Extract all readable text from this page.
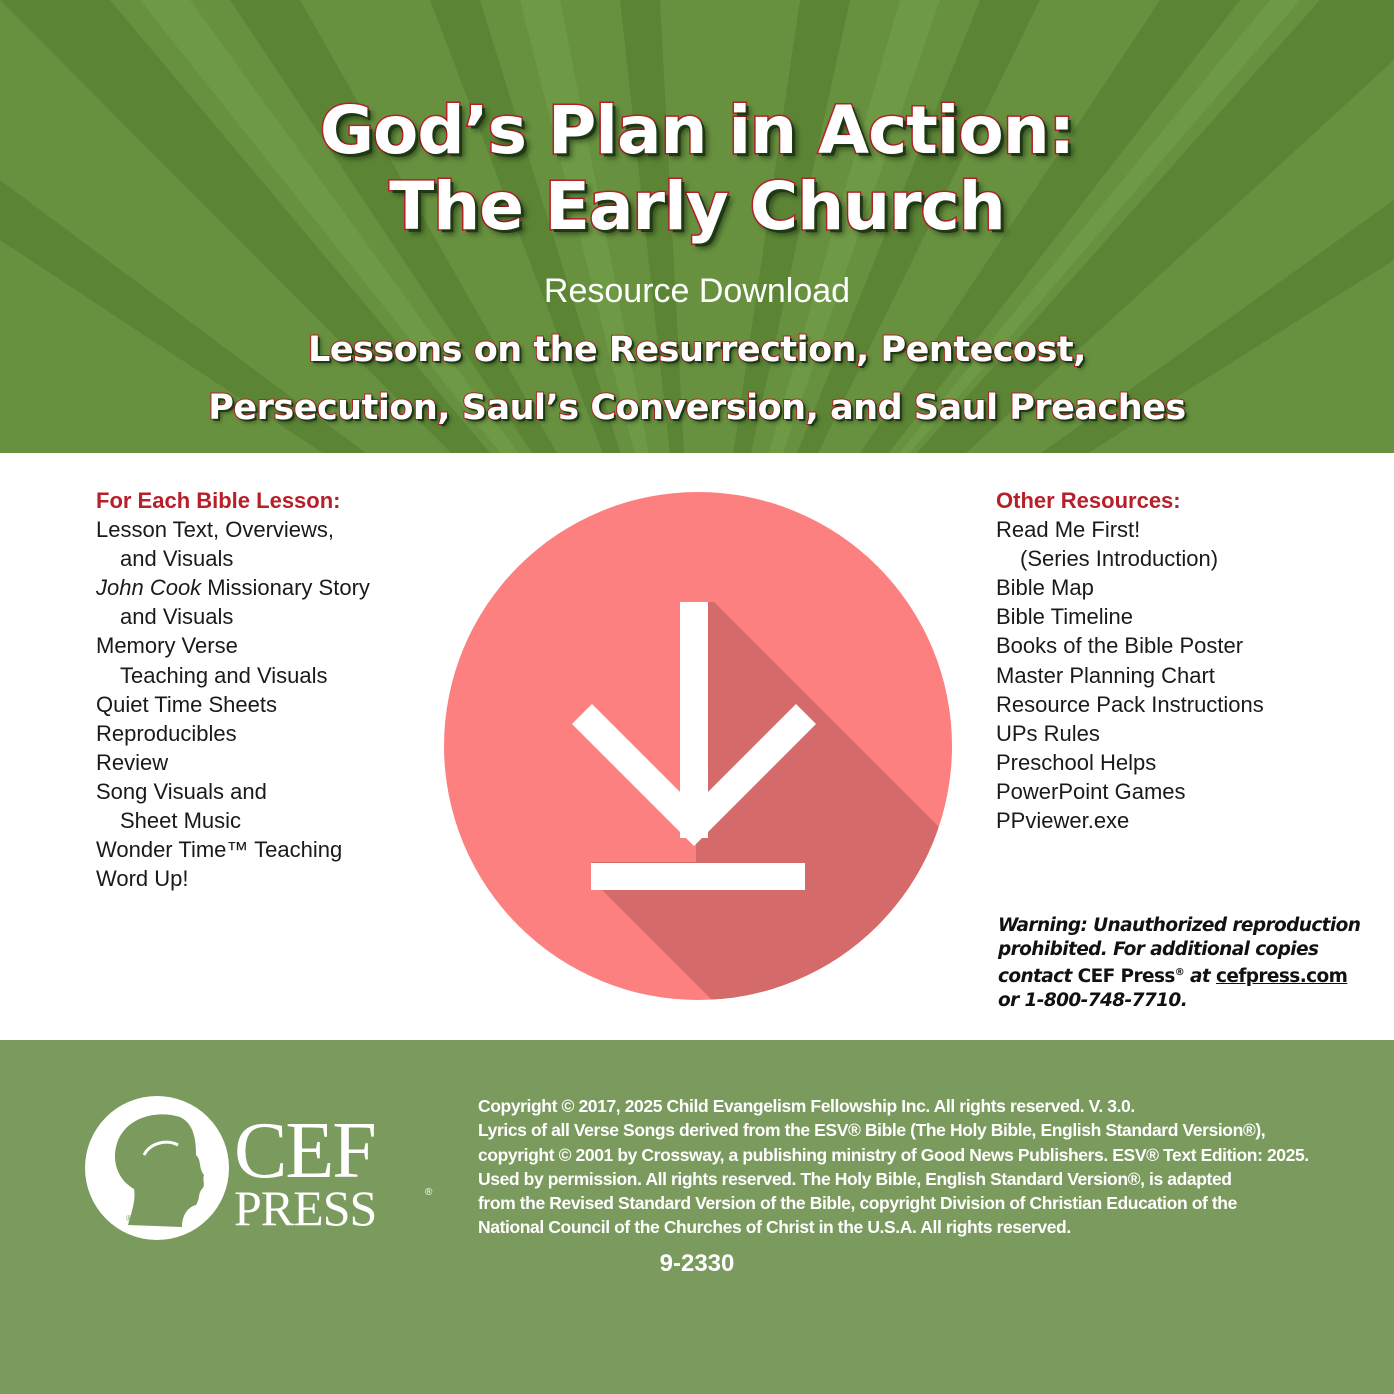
God’s Plan in Action:
The Early Church
Resource Download
Lessons on the Resurrection, Pentecost,
Persecution, Saul’s Conversion, and Saul Preaches
For Each Bible Lesson:
Lesson Text, Overviews,
and Visuals
John Cook Missionary Story
and Visuals
Memory Verse
Teaching and Visuals
Quiet Time Sheets
Reproducibles
Review
Song Visuals and
Sheet Music
Wonder Time™ Teaching
Word Up!
Other Resources:
Read Me First!
(Series Introduction)
Bible Map
Bible Timeline
Books of the Bible Poster
Master Planning Chart
Resource Pack Instructions
UPs Rules
Preschool Helps
PowerPoint Games
PPviewer.exe
Warning: Unauthorized reproduction prohibited. For additional copies contact CEF Press® at cefpress.com or 1-800-748-7710.
®
CEF
PRESS	®
Copyright © 2017, 2025 Child Evangelism Fellowship Inc. All rights reserved. V. 3.0.
Lyrics of all Verse Songs derived from the ESV® Bible (The Holy Bible, English Standard Version®),
copyright © 2001 by Crossway, a publishing ministry of Good News Publishers. ESV® Text Edition: 2025.
Used by permission. All rights reserved. The Holy Bible, English Standard Version®, is adapted
from the Revised Standard Version of the Bible, copyright Division of Christian Education of the
National Council of the Churches of Christ in the U.S.A. All rights reserved.
9-2330
